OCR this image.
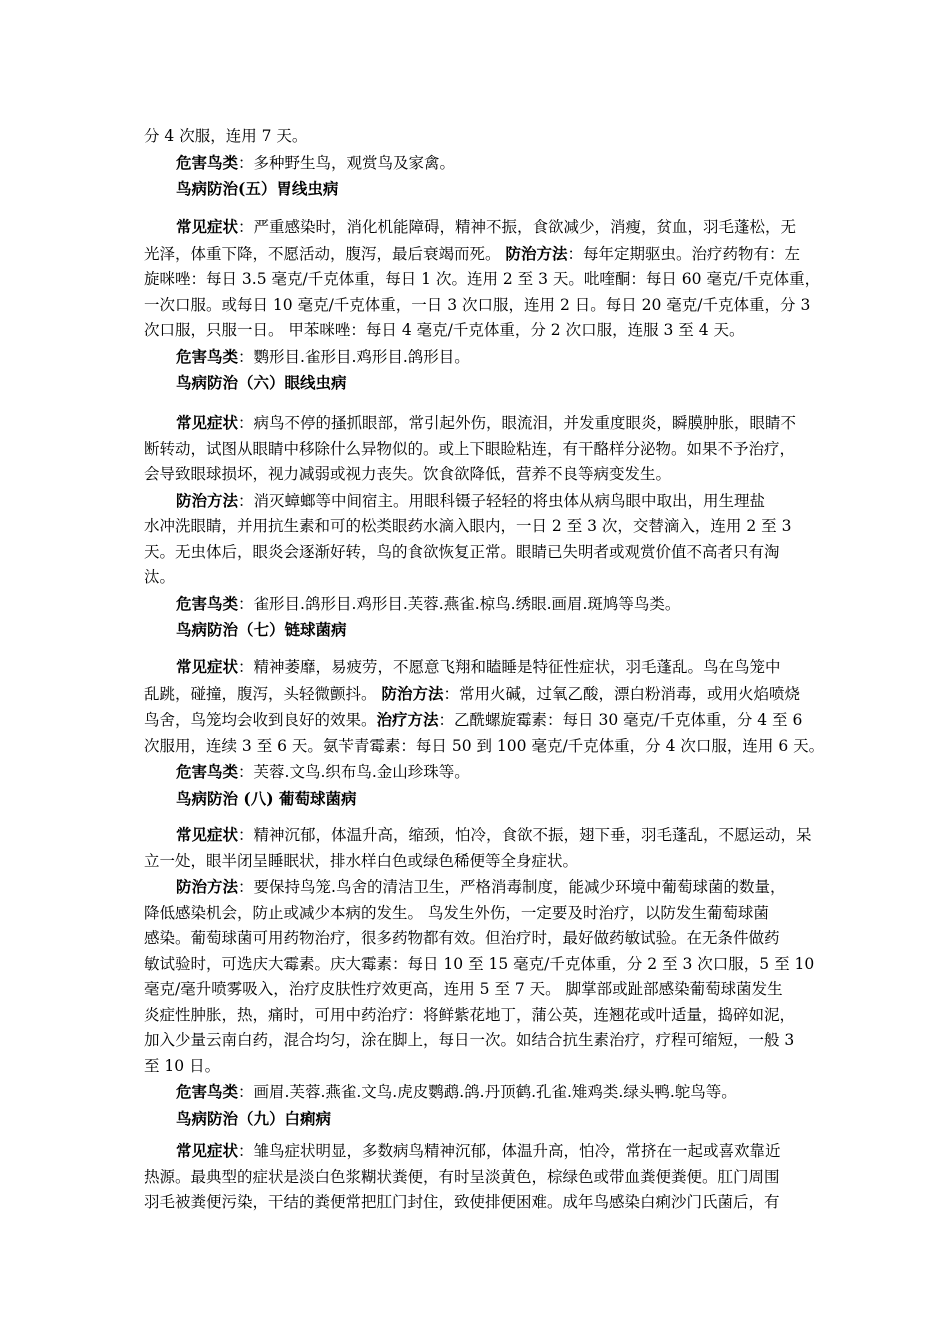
分 4 次服，连用 7 天。

危害鸟类：多种野生鸟，观赏鸟及家禽。

鸟病防治(五）胃线虫病

常见症状：严重感染时，消化机能障碍，精神不振，食欲减少，消瘦，贫血，羽毛蓬松，无

光泽，体重下降，不愿活动，腹泻，最后衰竭而死。 防治方法：每年定期驱虫。治疗药物有：左

旋咪唑：每日 3.5 毫克/千克体重，每日 1 次。连用 2 至 3 天。吡喹酮：每日 60 毫克/千克体重，

一次口服。或每日 10 毫克/千克体重，一日 3 次口服，连用 2 日。每日 20 毫克/千克体重，分 3

次口服，只服一日。 甲苯咪唑：每日 4 毫克/千克体重，分 2 次口服，连服 3 至 4 天。

危害鸟类：鹦形目.雀形目.鸡形目.鸽形目。

鸟病防治（六）眼线虫病

常见症状：病鸟不停的搔抓眼部，常引起外伤，眼流泪，并发重度眼炎，瞬膜肿胀，眼睛不

断转动，试图从眼睛中移除什么异物似的。或上下眼睑粘连，有干酪样分泌物。如果不予治疗，

会导致眼球损坏，视力减弱或视力丧失。饮食欲降低，营养不良等病变发生。

防治方法：消灭蟑螂等中间宿主。用眼科镊子轻轻的将虫体从病鸟眼中取出，用生理盐

水冲洗眼睛，并用抗生素和可的松类眼药水滴入眼内，一日 2 至 3 次，交替滴入，连用 2 至 3

天。无虫体后，眼炎会逐渐好转，鸟的食欲恢复正常。眼睛已失明者或观赏价值不高者只有淘

汰。

危害鸟类：雀形目.鸽形目.鸡形目.芙蓉.燕雀.椋鸟.绣眼.画眉.斑鸠等鸟类。

鸟病防治（七）链球菌病

常见症状：精神萎靡，易疲劳，不愿意飞翔和瞌睡是特征性症状，羽毛蓬乱。鸟在鸟笼中

乱跳，碰撞，腹泻，头轻微颤抖。 防治方法：常用火碱，过氧乙酸，漂白粉消毒，或用火焰喷烧

鸟舍，鸟笼均会收到良好的效果。治疗方法：乙酰螺旋霉素：每日 30 毫克/千克体重，分 4 至 6

次服用，连续 3 至 6 天。氨苄青霉素：每日 50 到 100 毫克/千克体重，分 4 次口服，连用 6 天。

危害鸟类：芙蓉.文鸟.织布鸟.金山珍珠等。

鸟病防治 (八) 葡萄球菌病

常见症状：精神沉郁，体温升高，缩颈，怕冷，食欲不振，翅下垂，羽毛蓬乱，不愿运动，呆

立一处，眼半闭呈睡眠状，排水样白色或绿色稀便等全身症状。

防治方法：要保持鸟笼.鸟舍的清洁卫生，严格消毒制度，能减少环境中葡萄球菌的数量，

降低感染机会，防止或减少本病的发生。 鸟发生外伤，一定要及时治疗，以防发生葡萄球菌

感染。葡萄球菌可用药物治疗，很多药物都有效。但治疗时，最好做药敏试验。在无条件做药

敏试验时，可选庆大霉素。庆大霉素：每日 10 至 15 毫克/千克体重，分 2 至 3 次口服，5 至 10

毫克/毫升喷雾吸入，治疗皮肤性疗效更高，连用 5 至 7 天。 脚掌部或趾部感染葡萄球菌发生

炎症性肿胀，热，痛时，可用中药治疗：将鲜紫花地丁，蒲公英，连翘花或叶适量，捣碎如泥，

加入少量云南白药，混合均匀，涂在脚上，每日一次。如结合抗生素治疗，疗程可缩短，一般 3

至 10 日。

危害鸟类：画眉.芙蓉.燕雀.文鸟.虎皮鹦鹉.鸽.丹顶鹤.孔雀.雉鸡类.绿头鸭.鸵鸟等。

鸟病防治（九）白痢病

常见症状：雏鸟症状明显，多数病鸟精神沉郁，体温升高，怕冷，常挤在一起或喜欢靠近

热源。最典型的症状是淡白色浆糊状粪便，有时呈淡黄色，棕绿色或带血粪便粪便。肛门周围

羽毛被粪便污染，干结的粪便常把肛门封住，致使排便困难。成年鸟感染白痢沙门氏菌后，有
